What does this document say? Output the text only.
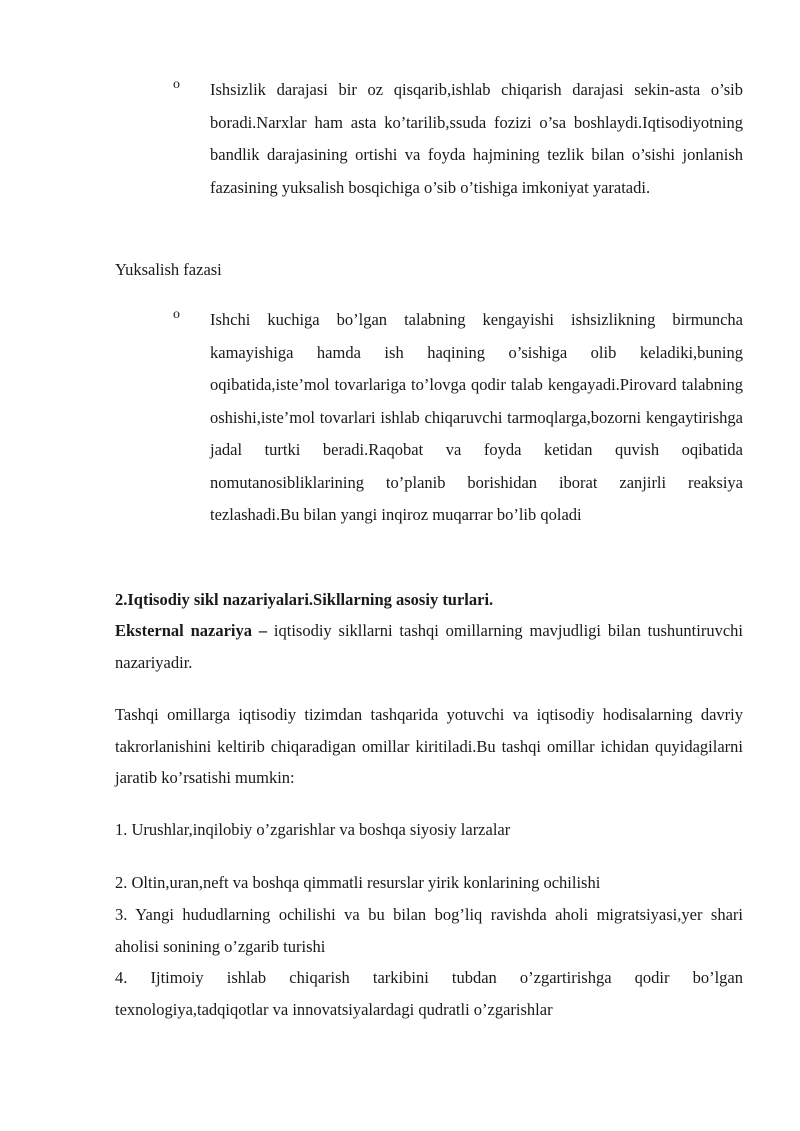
o Ishsizlik darajasi bir oz qisqarib,ishlab chiqarish darajasi sekin-asta o’sib boradi.Narxlar ham asta ko’tarilib,ssuda fozizi o’sa boshlaydi.Iqtisodiyotning bandlik darajasining ortishi va foyda hajmining tezlik bilan o’sishi jonlanish fazasining yuksalish bosqichiga o’sib o’tishiga imkoniyat yaratadi.

Yuksalish fazasi

o Ishchi kuchiga bo’lgan talabning kengayishi ishsizlikning birmuncha kamayishiga hamda ish haqining o’sishiga olib keladiki,buning oqibatida,iste’mol tovarlariga to’lovga qodir talab kengayadi.Pirovard talabning oshishi,iste’mol tovarlari ishlab chiqaruvchi tarmoqlarga,bozorni kengaytirishga jadal turtki beradi.Raqobat va foyda ketidan quvish oqibatida nomutanosibliklarining to’planib borishidan iborat zanjirli reaksiya tezlashadi.Bu bilan yangi inqiroz muqarrar bo’lib qoladi

2.Iqtisodiy sikl nazariyalari.Sikllarning asosiy turlari.

Eksternal nazariya – iqtisodiy sikllarni tashqi omillarning mavjudligi bilan tushuntiruvchi nazariyadir.

Tashqi omillarga iqtisodiy tizimdan tashqarida yotuvchi va iqtisodiy hodisalarning davriy takrorlanishini keltirib chiqaradigan omillar kiritiladi.Bu tashqi omillar ichidan quyidagilarni jaratib ko’rsatishi mumkin:

1. Urushlar,inqilobiy o’zgarishlar va boshqa siyosiy larzalar

2. Oltin,uran,neft va boshqa qimmatli resurslar yirik konlarining ochilishi

3. Yangi hududlarning ochilishi va bu bilan bog’liq ravishda aholi migratsiyasi,yer shari aholisi sonining o’zgarib turishi

4. Ijtimoiy ishlab chiqarish tarkibini tubdan o’zgartirishga qodir bo’lgan texnologiya,tadqiqotlar va innovatsiyalardagi qudratli o’zgarishlar
